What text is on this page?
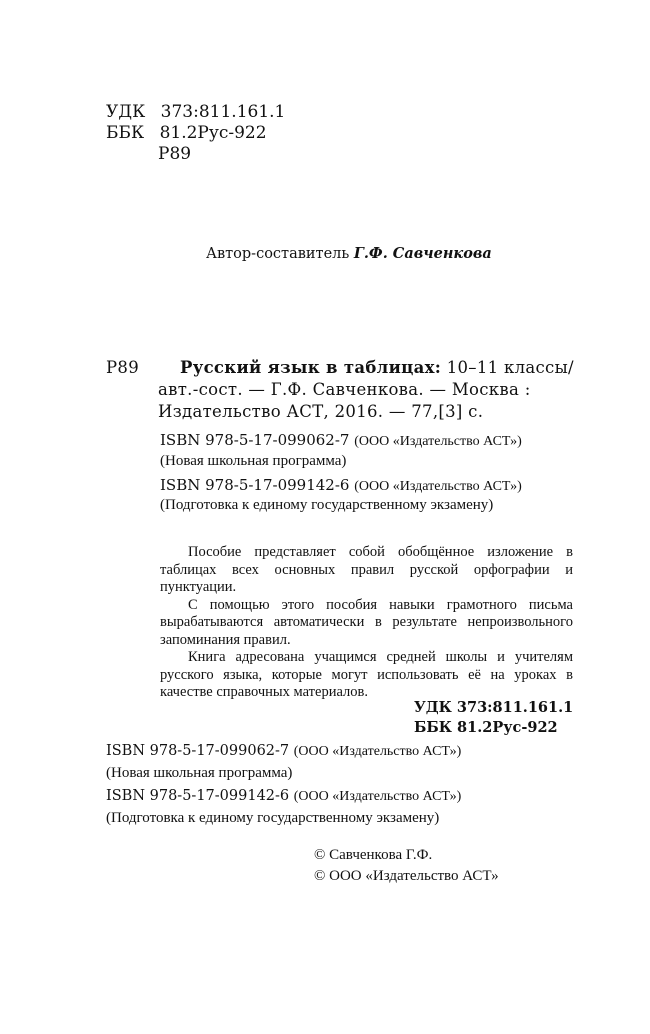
УДК 373:811.161.1
ББК 81.2Рус-922
Р89
Автор-составитель Г.Ф. Савченкова
Р89 Русский язык в таблицах: 10–11 классы/
авт.-сост. — Г.Ф. Савченкова. — Москва :
Издательство АСТ, 2016. — 77,[3] с.
ISBN 978-5-17-099062-7 (ООО «Издательство АСТ»)
(Новая школьная программа)
ISBN 978-5-17-099142-6 (ООО «Издательство АСТ»)
(Подготовка к единому государственному экзамену)

Пособие представляет собой обобщённое изложение в таблицах всех основных правил русской орфографии и пунктуации.

С помощью этого пособия навыки грамотного письма вырабатываются автоматически в результате непроизвольного запоминания правил.

Книга адресована учащимся средней школы и учителям русского языка, которые могут использовать её на уроках в качестве справочных материалов.

УДК 373:811.161.1
ББК 81.2Рус-922
ISBN 978-5-17-099062-7 (ООО «Издательство АСТ»)
(Новая школьная программа)
ISBN 978-5-17-099142-6 (ООО «Издательство АСТ»)
(Подготовка к единому государственному экзамену)
© Савченкова Г.Ф.
© ООО «Издательство АСТ»
